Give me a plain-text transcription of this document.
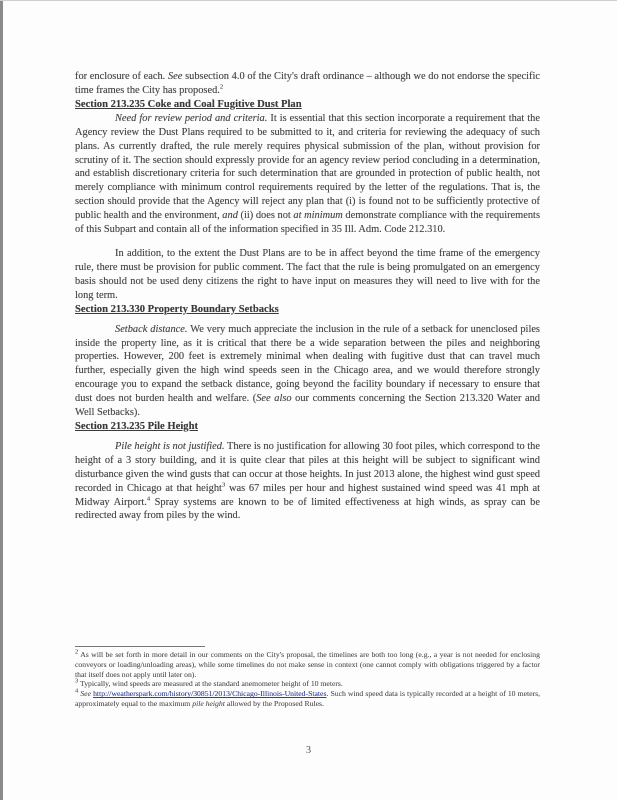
for enclosure of each. See subsection 4.0 of the City's draft ordinance – although we do not endorse the specific time frames the City has proposed.$^2$

Section 213.235 Coke and Coal Fugitive Dust Plan

Need for review period and criteria. It is essential that this section incorporate a requirement that the Agency review the Dust Plans required to be submitted to it, and criteria for reviewing the adequacy of such plans. As currently drafted, the rule merely requires physical submission of the plan, without provision for scrutiny of it. The section should expressly provide for an agency review period concluding in a determination, and establish discretionary criteria for such determination that are grounded in protection of public health, not merely compliance with minimum control requirements required by the letter of the regulations. That is, the section should provide that the Agency will reject any plan that (i) is found not to be sufficiently protective of public health and the environment, and (ii) does not at minimum demonstrate compliance with the requirements of this Subpart and contain all of the information specified in 35 Ill. Adm. Code 212.310.

In addition, to the extent the Dust Plans are to be in affect beyond the time frame of the emergency rule, there must be provision for public comment. The fact that the rule is being promulgated on an emergency basis should not be used deny citizens the right to have input on measures they will need to live with for the long term.

Section 213.330 Property Boundary Setbacks

Setback distance. We very much appreciate the inclusion in the rule of a setback for unenclosed piles inside the property line, as it is critical that there be a wide separation between the piles and neighboring properties. However, 200 feet is extremely minimal when dealing with fugitive dust that can travel much further, especially given the high wind speeds seen in the Chicago area, and we would therefore strongly encourage you to expand the setback distance, going beyond the facility boundary if necessary to ensure that dust does not burden health and welfare. (See also our comments concerning the Section 213.320 Water and Well Setbacks).

Section 213.235 Pile Height

Pile height is not justified. There is no justification for allowing 30 foot piles, which correspond to the height of a 3 story building, and it is quite clear that piles at this height will be subject to significant wind disturbance given the wind gusts that can occur at those heights. In just 2013 alone, the highest wind gust speed recorded in Chicago at that height$^3$ was 67 miles per hour and highest sustained wind speed was 41 mph at Midway Airport.$^4$ Spray systems are known to be of limited effectiveness at high winds, as spray can be redirected away from piles by the wind.

$^2$ As will be set forth in more detail in our comments on the City's proposal, the timelines are both too long (e.g., a year is not needed for enclosing conveyors or loading/unloading areas), while some timelines do not make sense in context (one cannot comply with obligations triggered by a factor that itself does not apply until later on).

$^3$ Typically, wind speeds are measured at the standard anemometer height of 10 meters.

$^4$ See http://weatherspark.com/history/30851/2013/Chicago-Illinois-United-States. Such wind speed data is typically recorded at a height of 10 meters, approximately equal to the maximum pile height allowed by the Proposed Rules.

3
